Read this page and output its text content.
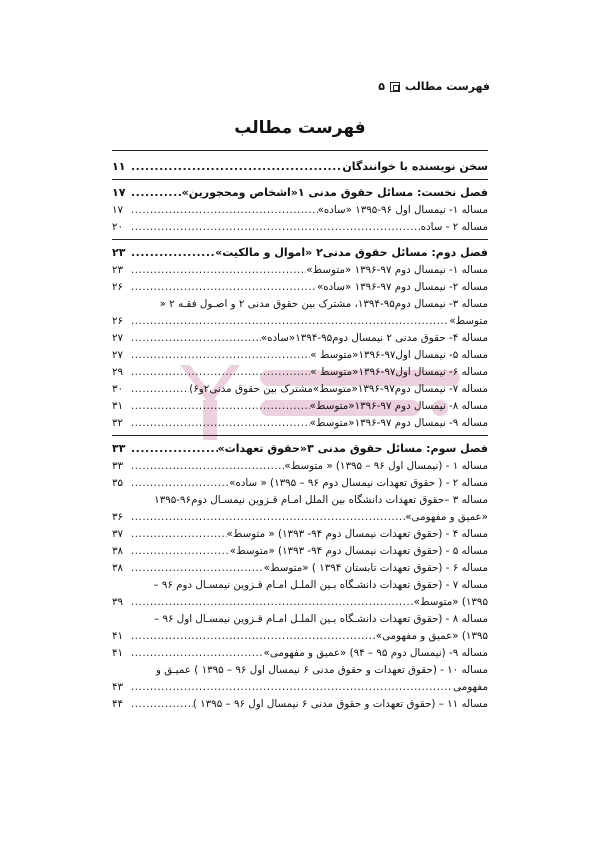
فهرست مطالب
۵
فهرست مطالب
سخن نویسنده با خوانندگان
.....
۱۱
فصل نخست: مسائل حقوق مدنی ۱«اشخاص ومحجورین»
.....
۱۷
مساله ۱- نیمسال اول ۹۶-۱۳۹۵ «ساده»
.....
۱۷
مساله ۲ - ساده
.....
۲۰
فصل دوم: مسائل حقوق مدنی۲ «اموال و مالکیت»
.....
۲۳
مساله ۱- نیمسال دوم ۹۷-۱۳۹۶ «متوسط»
.....
۲۳
مساله ۲- نیمسال دوم ۹۷-۱۳۹۶ «ساده»
.....
۲۶
مساله ۳- نیمسال دوم۹۵-۱۳۹۴، مشترک بین حقوق مدنی ۲ و اصـول فقـه ۲ «
متوسط»
.....
۲۶
مساله ۴- حقوق مدنی ۲ نیمسال دوم۹۵-۱۳۹۴«ساده»
.....
۲۷
مساله ۵- نیمسال اول۹۷-۱۳۹۶«متوسط »
.....
۲۷
مساله ۶- نیمسال اول۹۷-۱۳۹۶«متوسط »
.....
۲۹
مساله ۷- نیمسال دوم۹۷-۱۳۹۶«متوسط»مشترک بین حقوق مدنی۲و۶)
.....
۳۰
مساله ۸- نیمسال دوم ۹۷-۱۳۹۶«متوسط»
.....
۳۱
مساله ۹- نیمسال دوم ۹۷-۱۳۹۶«متوسط»
.....
۳۲
فصل سوم: مسائل حقوق مدنی ۳«حقوق تعهدات»
.....
۳۳
مساله ۱ - (نیمسال اول ۹۶ – ۱۳۹۵) « متوسط»
.....
۳۳
مساله ۲ - ( حقوق تعهدات نیمسال دوم ۹۶ – ۱۳۹۵) « ساده»
.....
۳۵
مساله ۳ –حقوق تعهدات دانشگاه بین الملل امـام قـزوین نیمسـال دوم۹۶-۱۳۹۵
«عمیق و مفهومی»
.....
۳۶
مساله ۴ - (حقوق تعهدات نیمسال دوم ۹۴- ۱۳۹۳) « متوسط»
.....
۳۷
مساله ۵ - (حقوق تعهدات نیمسال دوم ۹۴- ۱۳۹۳) «متوسط»
.....
۳۸
مساله ۶ - (حقوق تعهدات تابستان ۱۳۹۴ ) «متوسط»
.....
۳۸
مساله ۷ - (حقوق تعهدات دانشـگاه بـین الملـل امـام قـزوین نیمسـال دوم ۹۶ –
۱۳۹۵) «متوسط»
.....
۳۹
مساله ۸ - (حقوق تعهدات دانشـگاه بـین الملـل امـام قـزوین نیمسـال اول ۹۶ –
۱۳۹۵) «عمیق و مفهومی»
.....
۴۱
مساله ۹- (نیمسال دوم ۹۵ – ۹۴) «عمیق و مفهومی»
.....
۴۱
مساله ۱۰ - (حقوق تعهدات و حقوق مدنی ۶ نیمسال اول ۹۶ – ۱۳۹۵ ) عمیـق و
مفهومی
.....
۴۳
مساله ۱۱ – (حقوق تعهدات و حقوق مدنی ۶ نیمسال اول ۹۶ – ۱۳۹۵ )
.....
۴۴
